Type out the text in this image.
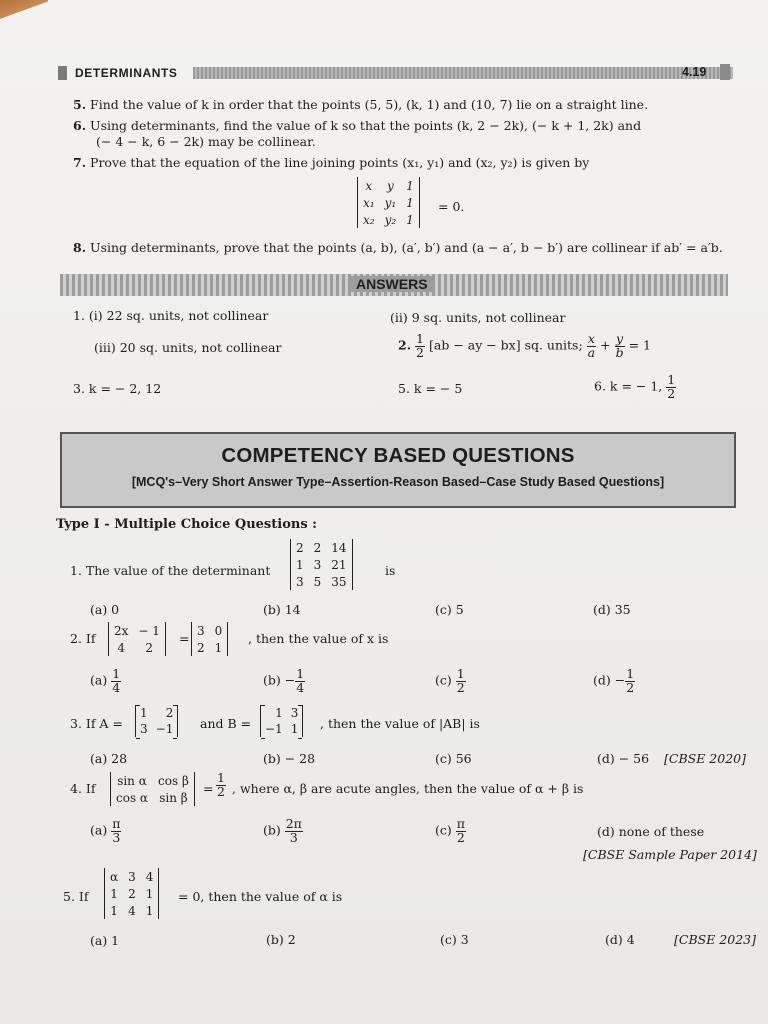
DETERMINANTS	4.19
5. Find the value of k in order that the points (5, 5), (k, 1) and (10, 7) lie on a straight line.
6. Using determinants, find the value of k so that the points (k, 2 − 2k), (− k + 1, 2k) and
(− 4 − k, 6 − 2k) may be collinear.
7. Prove that the equation of the line joining points (x₁, y₁) and (x₂, y₂) is given by
x	y	1
x₁	y₁	1
x₂	y₂	1
= 0.
8. Using determinants, prove that the points (a, b), (a′, b′) and (a − a′, b − b′) are collinear if ab′ = a′b.
ANSWERS
1. (i) 22 sq. units, not collinear	(ii) 9 sq. units, not collinear
(iii) 20 sq. units, not collinear	2. $\frac{1}{2} [ab$ − ay − bx] sq. units; $\frac{x}{a} + \frac{y}{b} = 1$
3. k = − 2, 12	5. k = − 5	6. k = − 1, $\frac{1}{2}$
COMPETENCY BASED QUESTIONS
[MCQ's–Very Short Answer Type–Assertion-Reason Based–Case Study Based Questions]
Type I - Multiple Choice Questions :
1. The value of the determinant
2	2	14
1	3	21
3	5	35
is
(a) 0	(b) 14	(c) 5	(d) 35
2. If
2x	− 1
4	2
=
3	0
2	1
, then the value of x is
$(a) \frac{1}{4}$	$(b) - \frac{1}{4}$	$(c) \frac{1}{2}$	$(d) - \frac{1}{2}$
3. If A =
1	2
3	−1 and B =
1	3
−1	1 , then the value of |AB| is
(a) 28	(b) − 28	(c) 56	(d) − 56 [CBSE 2020]
4. If
sin α	cos β
cos α	sin β
= $\frac{1}{2}$ , where α, β are acute angles, then the value of α + β is
$(a) \frac{\pi}{3}$	$(b) \frac{2\pi}{3}$	$(c) \frac{\pi}{2}$	(d) none of these
[CBSE Sample Paper 2014]
5. If
α	3	4
1	2	1
1	4	1
= 0, then the value of α is
(a) 1	(b) 2	(c) 3	(d) 4	[CBSE 2023]
